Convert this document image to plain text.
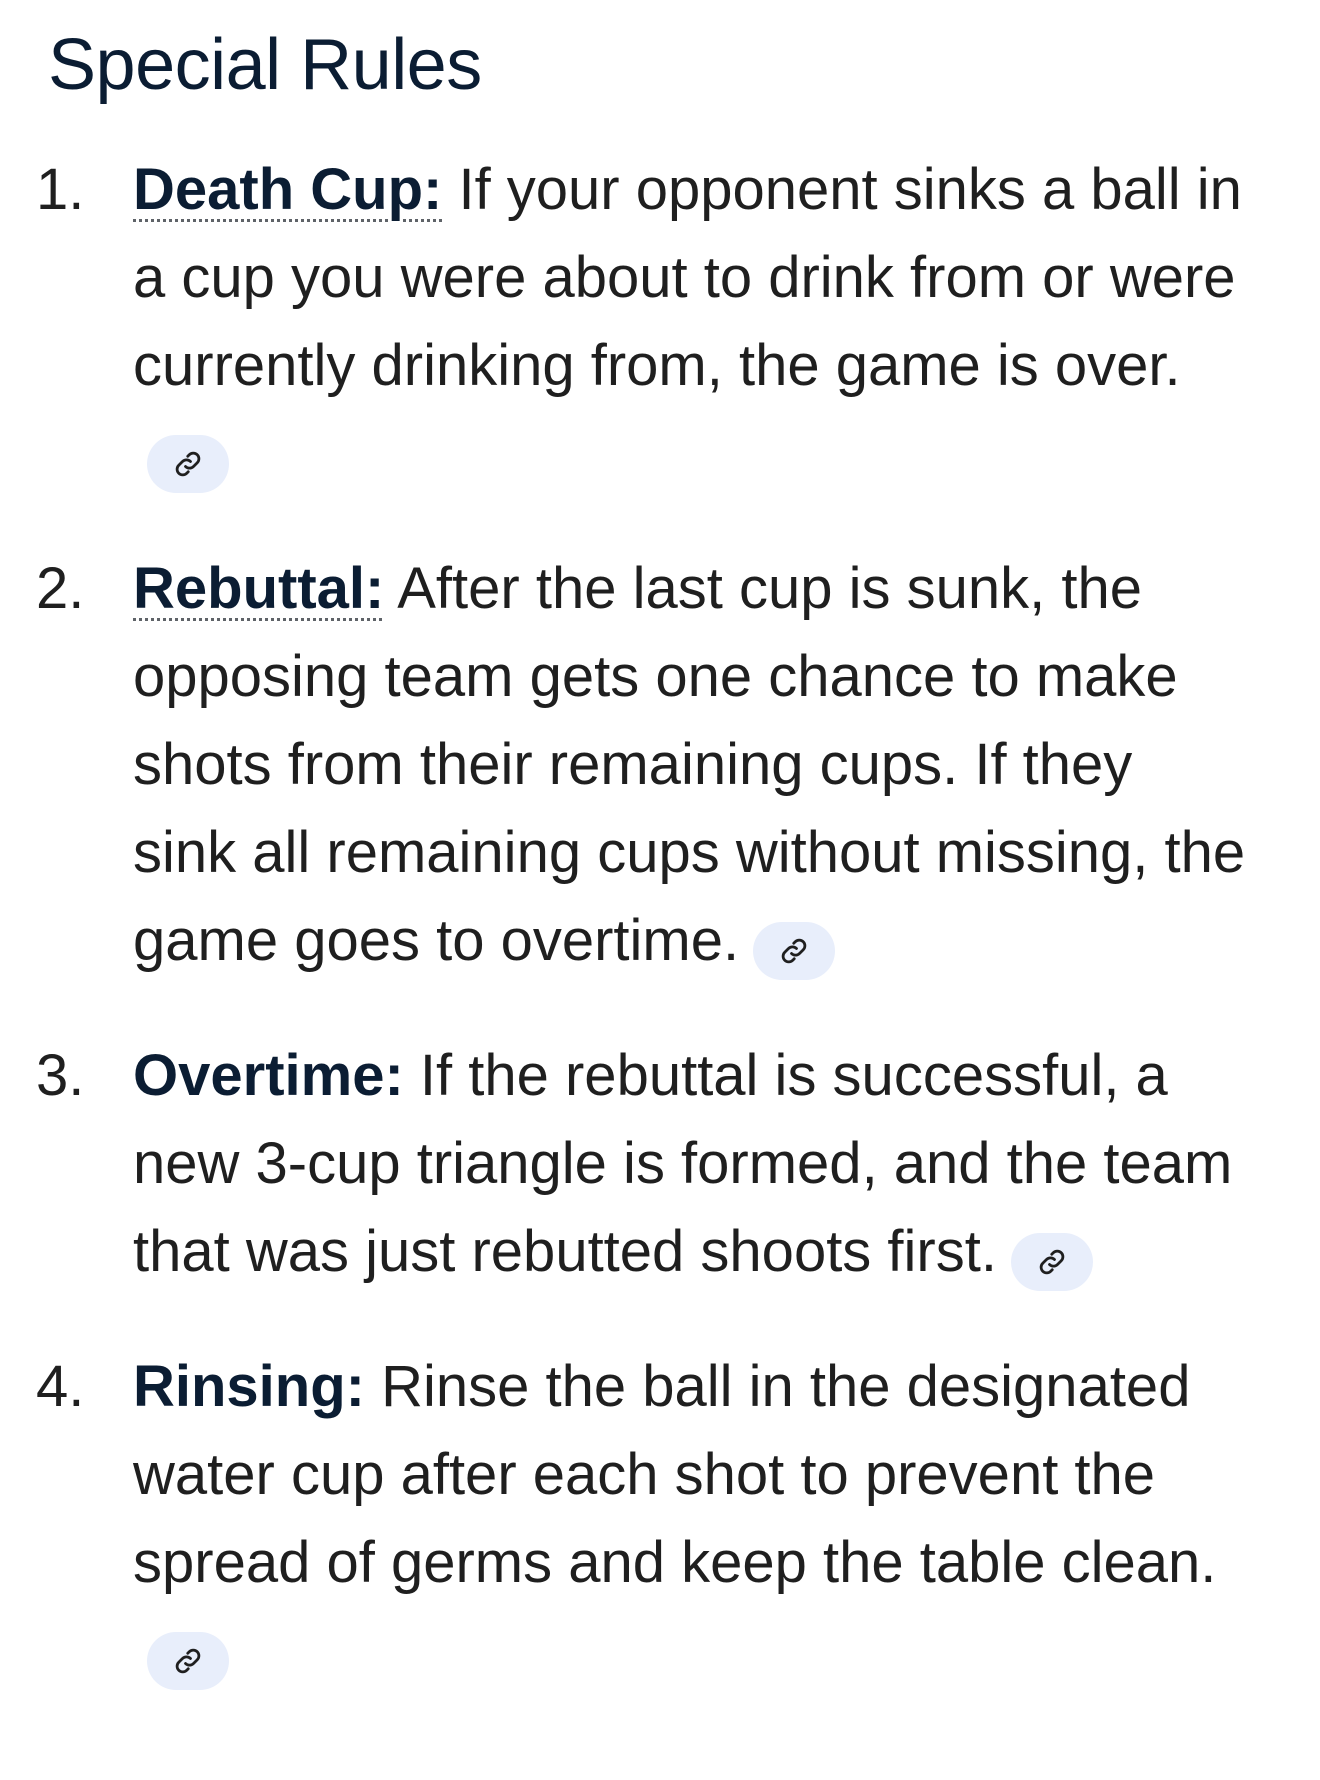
Special Rules
1. Death Cup: If your opponent sinks a ball in a cup you were about to drink from or were currently drinking from, the game is over.
2. Rebuttal: After the last cup is sunk, the opposing team gets one chance to make shots from their remaining cups. If they sink all remaining cups without missing, the game goes to overtime.
3. Overtime: If the rebuttal is successful, a new 3-cup triangle is formed, and the team that was just rebutted shoots first.
4. Rinsing: Rinse the ball in the designated water cup after each shot to prevent the spread of germs and keep the table clean.
